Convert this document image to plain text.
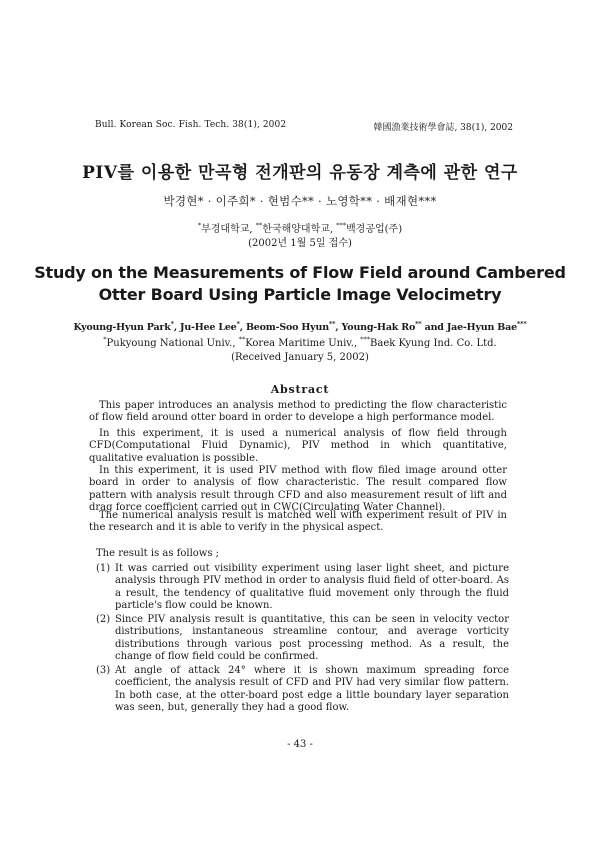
Bull. Korean Soc. Fish. Tech. 38(1), 2002	韓國漁業技術學會誌, 38(1), 2002
PIV를 이용한 만곡형 전개판의 유동장 계측에 관한 연구
박경현* · 이주희* · 현범수** · 노영학** · 배재현***
*부경대학교, **한국해양대학교, ***백경공업(주)
(2002년 1월 5일 접수)
Study on the Measurements of Flow Field around Cambered
Otter Board Using Particle Image Velocimetry
Kyoung-Hyun Park*, Ju-Hee Lee*, Beom-Soo Hyun**, Young-Hak Ro** and Jae-Hyun Bae***
*Pukyoung National Univ., **Korea Maritime Univ., ***Baek Kyung Ind. Co. Ltd.
(Received January 5, 2002)
Abstract

This paper introduces an analysis method to predicting the flow characteristic of flow field around otter board in order to develope a high performance model.

In this experiment, it is used a numerical analysis of flow field through CFD(Computational Fluid Dynamic), PIV method in which quantitative, qualitative evaluation is possible.

In this experiment, it is used PIV method with flow filed image around otter board in order to analysis of flow characteristic. The result compared flow pattern with analysis result through CFD and also measurement result of lift and drag force coefficient carried out in CWC(Circulating Water Channel).

The numerical analysis result is matched well with experiment result of PIV in the research and it is able to verify in the physical aspect.

The result is as follows ;

(1) It was carried out visibility experiment using laser light sheet, and picture analysis through PIV method in order to analysis fluid field of otter-board. As a result, the tendency of qualitative fluid movement only through the fluid particle's flow could be known.
(2) Since PIV analysis result is quantitative, this can be seen in velocity vector distributions, instantaneous streamline contour, and average vorticity distributions through various post processing method. As a result, the change of flow field could be confirmed.
(3) At angle of attack 24° where it is shown maximum spreading force coefficient, the analysis result of CFD and PIV had very similar flow pattern. In both case, at the otter-board post edge a little boundary layer separation was seen, but, generally they had a good flow.
- 43 -
